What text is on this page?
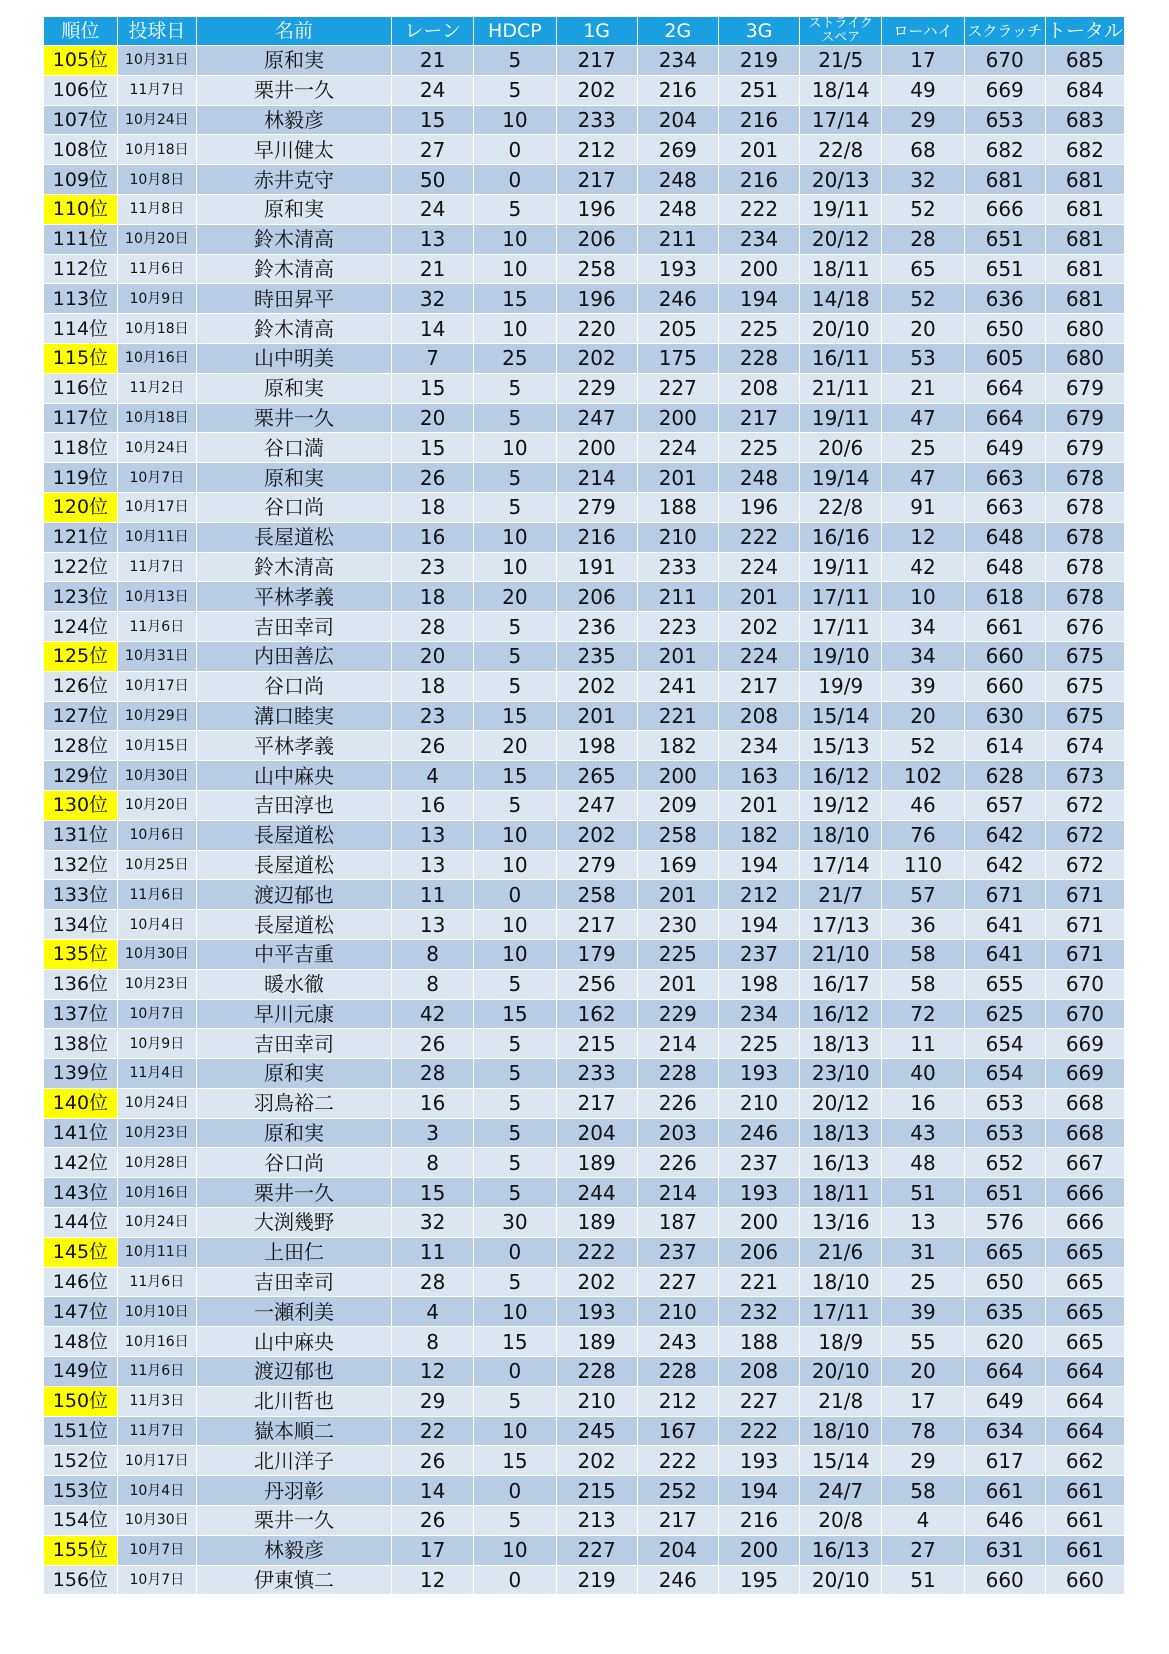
順位	投球日	名前	レーン	HDCP	1G	2G	3G	ストライク スペア	ローハイ	スクラッチ	トータル
105位	10月31日	原和実	21	5	217	234	219	21/5	17	670	685
106位	11月7日	栗井一久	24	5	202	216	251	18/14	49	669	684
107位	10月24日	林毅彦	15	10	233	204	216	17/14	29	653	683
108位	10月18日	早川健太	27	0	212	269	201	22/8	68	682	682
109位	10月8日	赤井克守	50	0	217	248	216	20/13	32	681	681
110位	11月8日	原和実	24	5	196	248	222	19/11	52	666	681
111位	10月20日	鈴木清高	13	10	206	211	234	20/12	28	651	681
112位	11月6日	鈴木清高	21	10	258	193	200	18/11	65	651	681
113位	10月9日	時田昇平	32	15	196	246	194	14/18	52	636	681
114位	10月18日	鈴木清高	14	10	220	205	225	20/10	20	650	680
115位	10月16日	山中明美	7	25	202	175	228	16/11	53	605	680
116位	11月2日	原和実	15	5	229	227	208	21/11	21	664	679
117位	10月18日	栗井一久	20	5	247	200	217	19/11	47	664	679
118位	10月24日	谷口満	15	10	200	224	225	20/6	25	649	679
119位	10月7日	原和実	26	5	214	201	248	19/14	47	663	678
120位	10月17日	谷口尚	18	5	279	188	196	22/8	91	663	678
121位	10月11日	長屋道松	16	10	216	210	222	16/16	12	648	678
122位	11月7日	鈴木清高	23	10	191	233	224	19/11	42	648	678
123位	10月13日	平林孝義	18	20	206	211	201	17/11	10	618	678
124位	11月6日	吉田幸司	28	5	236	223	202	17/11	34	661	676
125位	10月31日	内田善広	20	5	235	201	224	19/10	34	660	675
126位	10月17日	谷口尚	18	5	202	241	217	19/9	39	660	675
127位	10月29日	溝口睦実	23	15	201	221	208	15/14	20	630	675
128位	10月15日	平林孝義	26	20	198	182	234	15/13	52	614	674
129位	10月30日	山中麻央	4	15	265	200	163	16/12	102	628	673
130位	10月20日	吉田淳也	16	5	247	209	201	19/12	46	657	672
131位	10月6日	長屋道松	13	10	202	258	182	18/10	76	642	672
132位	10月25日	長屋道松	13	10	279	169	194	17/14	110	642	672
133位	11月6日	渡辺郁也	11	0	258	201	212	21/7	57	671	671
134位	10月4日	長屋道松	13	10	217	230	194	17/13	36	641	671
135位	10月30日	中平吉重	8	10	179	225	237	21/10	58	641	671
136位	10月23日	暖水徹	8	5	256	201	198	16/17	58	655	670
137位	10月7日	早川元康	42	15	162	229	234	16/12	72	625	670
138位	10月9日	吉田幸司	26	5	215	214	225	18/13	11	654	669
139位	11月4日	原和実	28	5	233	228	193	23/10	40	654	669
140位	10月24日	羽鳥裕二	16	5	217	226	210	20/12	16	653	668
141位	10月23日	原和実	3	5	204	203	246	18/13	43	653	668
142位	10月28日	谷口尚	8	5	189	226	237	16/13	48	652	667
143位	10月16日	栗井一久	15	5	244	214	193	18/11	51	651	666
144位	10月24日	大渕幾野	32	30	189	187	200	13/16	13	576	666
145位	10月11日	上田仁	11	0	222	237	206	21/6	31	665	665
146位	11月6日	吉田幸司	28	5	202	227	221	18/10	25	650	665
147位	10月10日	一瀬利美	4	10	193	210	232	17/11	39	635	665
148位	10月16日	山中麻央	8	15	189	243	188	18/9	55	620	665
149位	11月6日	渡辺郁也	12	0	228	228	208	20/10	20	664	664
150位	11月3日	北川哲也	29	5	210	212	227	21/8	17	649	664
151位	11月7日	嶽本順二	22	10	245	167	222	18/10	78	634	664
152位	10月17日	北川洋子	26	15	202	222	193	15/14	29	617	662
153位	10月4日	丹羽彰	14	0	215	252	194	24/7	58	661	661
154位	10月30日	栗井一久	26	5	213	217	216	20/8	4	646	661
155位	10月7日	林毅彦	17	10	227	204	200	16/13	27	631	661
156位	10月7日	伊東慎二	12	0	219	246	195	20/10	51	660	660
